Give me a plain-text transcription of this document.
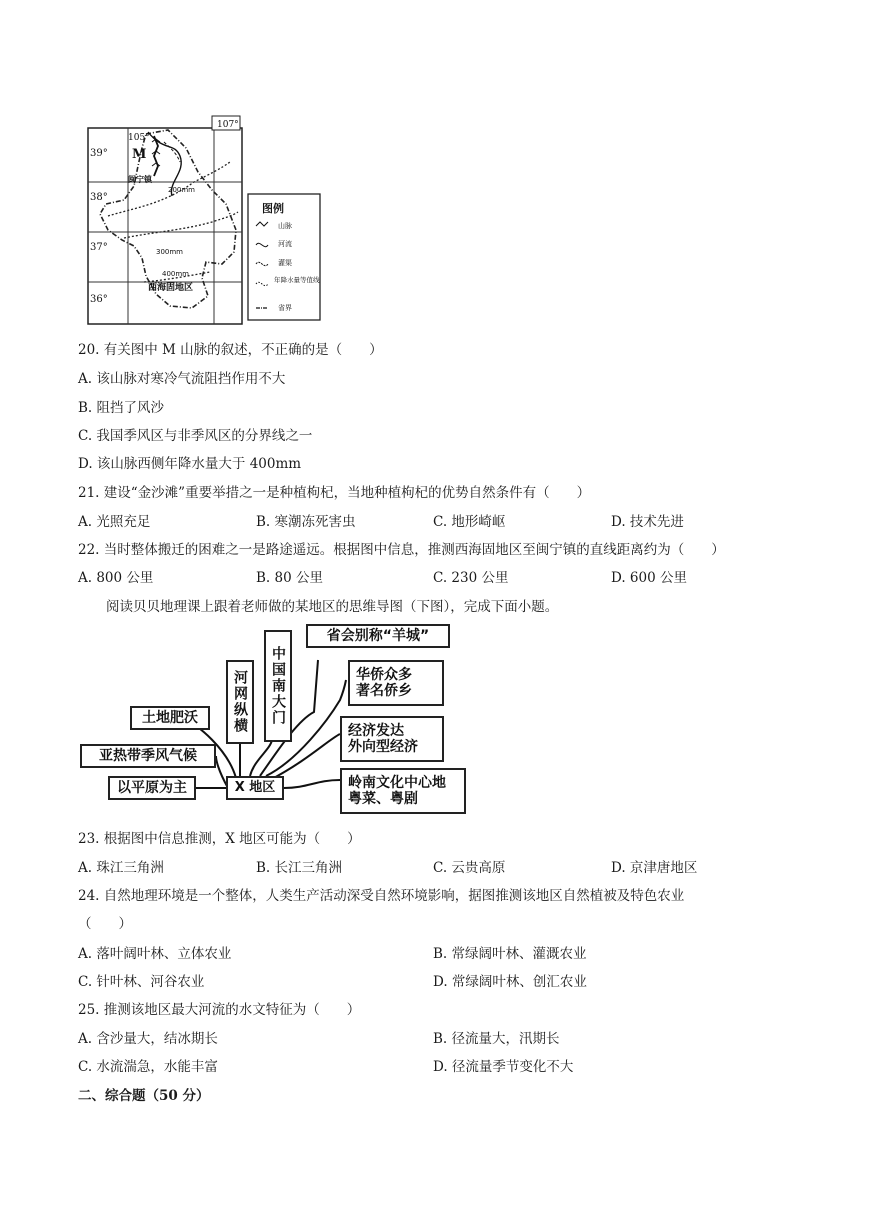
105°
107°
39°
38°
37°
36°
M
闽宁镇
200mm
300mm
400mm
西海固地区
图例
山脉
河流
灌渠
年降水量等值线
省界
20. 有关图中 M 山脉的叙述，不正确的是（　　）
A. 该山脉对寒冷气流阻挡作用不大
B. 阻挡了风沙
C. 我国季风区与非季风区的分界线之一
D. 该山脉西侧年降水量大于 400mm
21. 建设“金沙滩”重要举措之一是种植枸杞，当地种植枸杞的优势自然条件有（　　）
A. 光照充足	B. 寒潮冻死害虫	C. 地形崎岖	D. 技术先进
22. 当时整体搬迁的困难之一是路途遥远。根据图中信息，推测西海固地区至闽宁镇的直线距离约为（　　）
A. 800 公里	B. 80 公里	C. 230 公里	D. 600 公里
阅读贝贝地理课上跟着老师做的某地区的思维导图（下图），完成下面小题。
X 地区
以平原为主
亚热带季风气候
土地肥沃	河网纵横	中国南大门
省会别称“羊城”
华侨众多
著名侨乡
经济发达
外向型经济
岭南文化中心地
粤菜、粤剧
23. 根据图中信息推测，X 地区可能为（　　）
A. 珠江三角洲	B. 长江三角洲	C. 云贵高原	D. 京津唐地区
24. 自然地理环境是一个整体，人类生产活动深受自然环境影响，据图推测该地区自然植被及特色农业
（　　）
A. 落叶阔叶林、立体农业	B. 常绿阔叶林、灌溉农业
C. 针叶林、河谷农业	D. 常绿阔叶林、创汇农业
25. 推测该地区最大河流的水文特征为（　　）
A. 含沙量大，结冰期长	B. 径流量大，汛期长
C. 水流湍急，水能丰富	D. 径流量季节变化不大
二、综合题（50 分）
